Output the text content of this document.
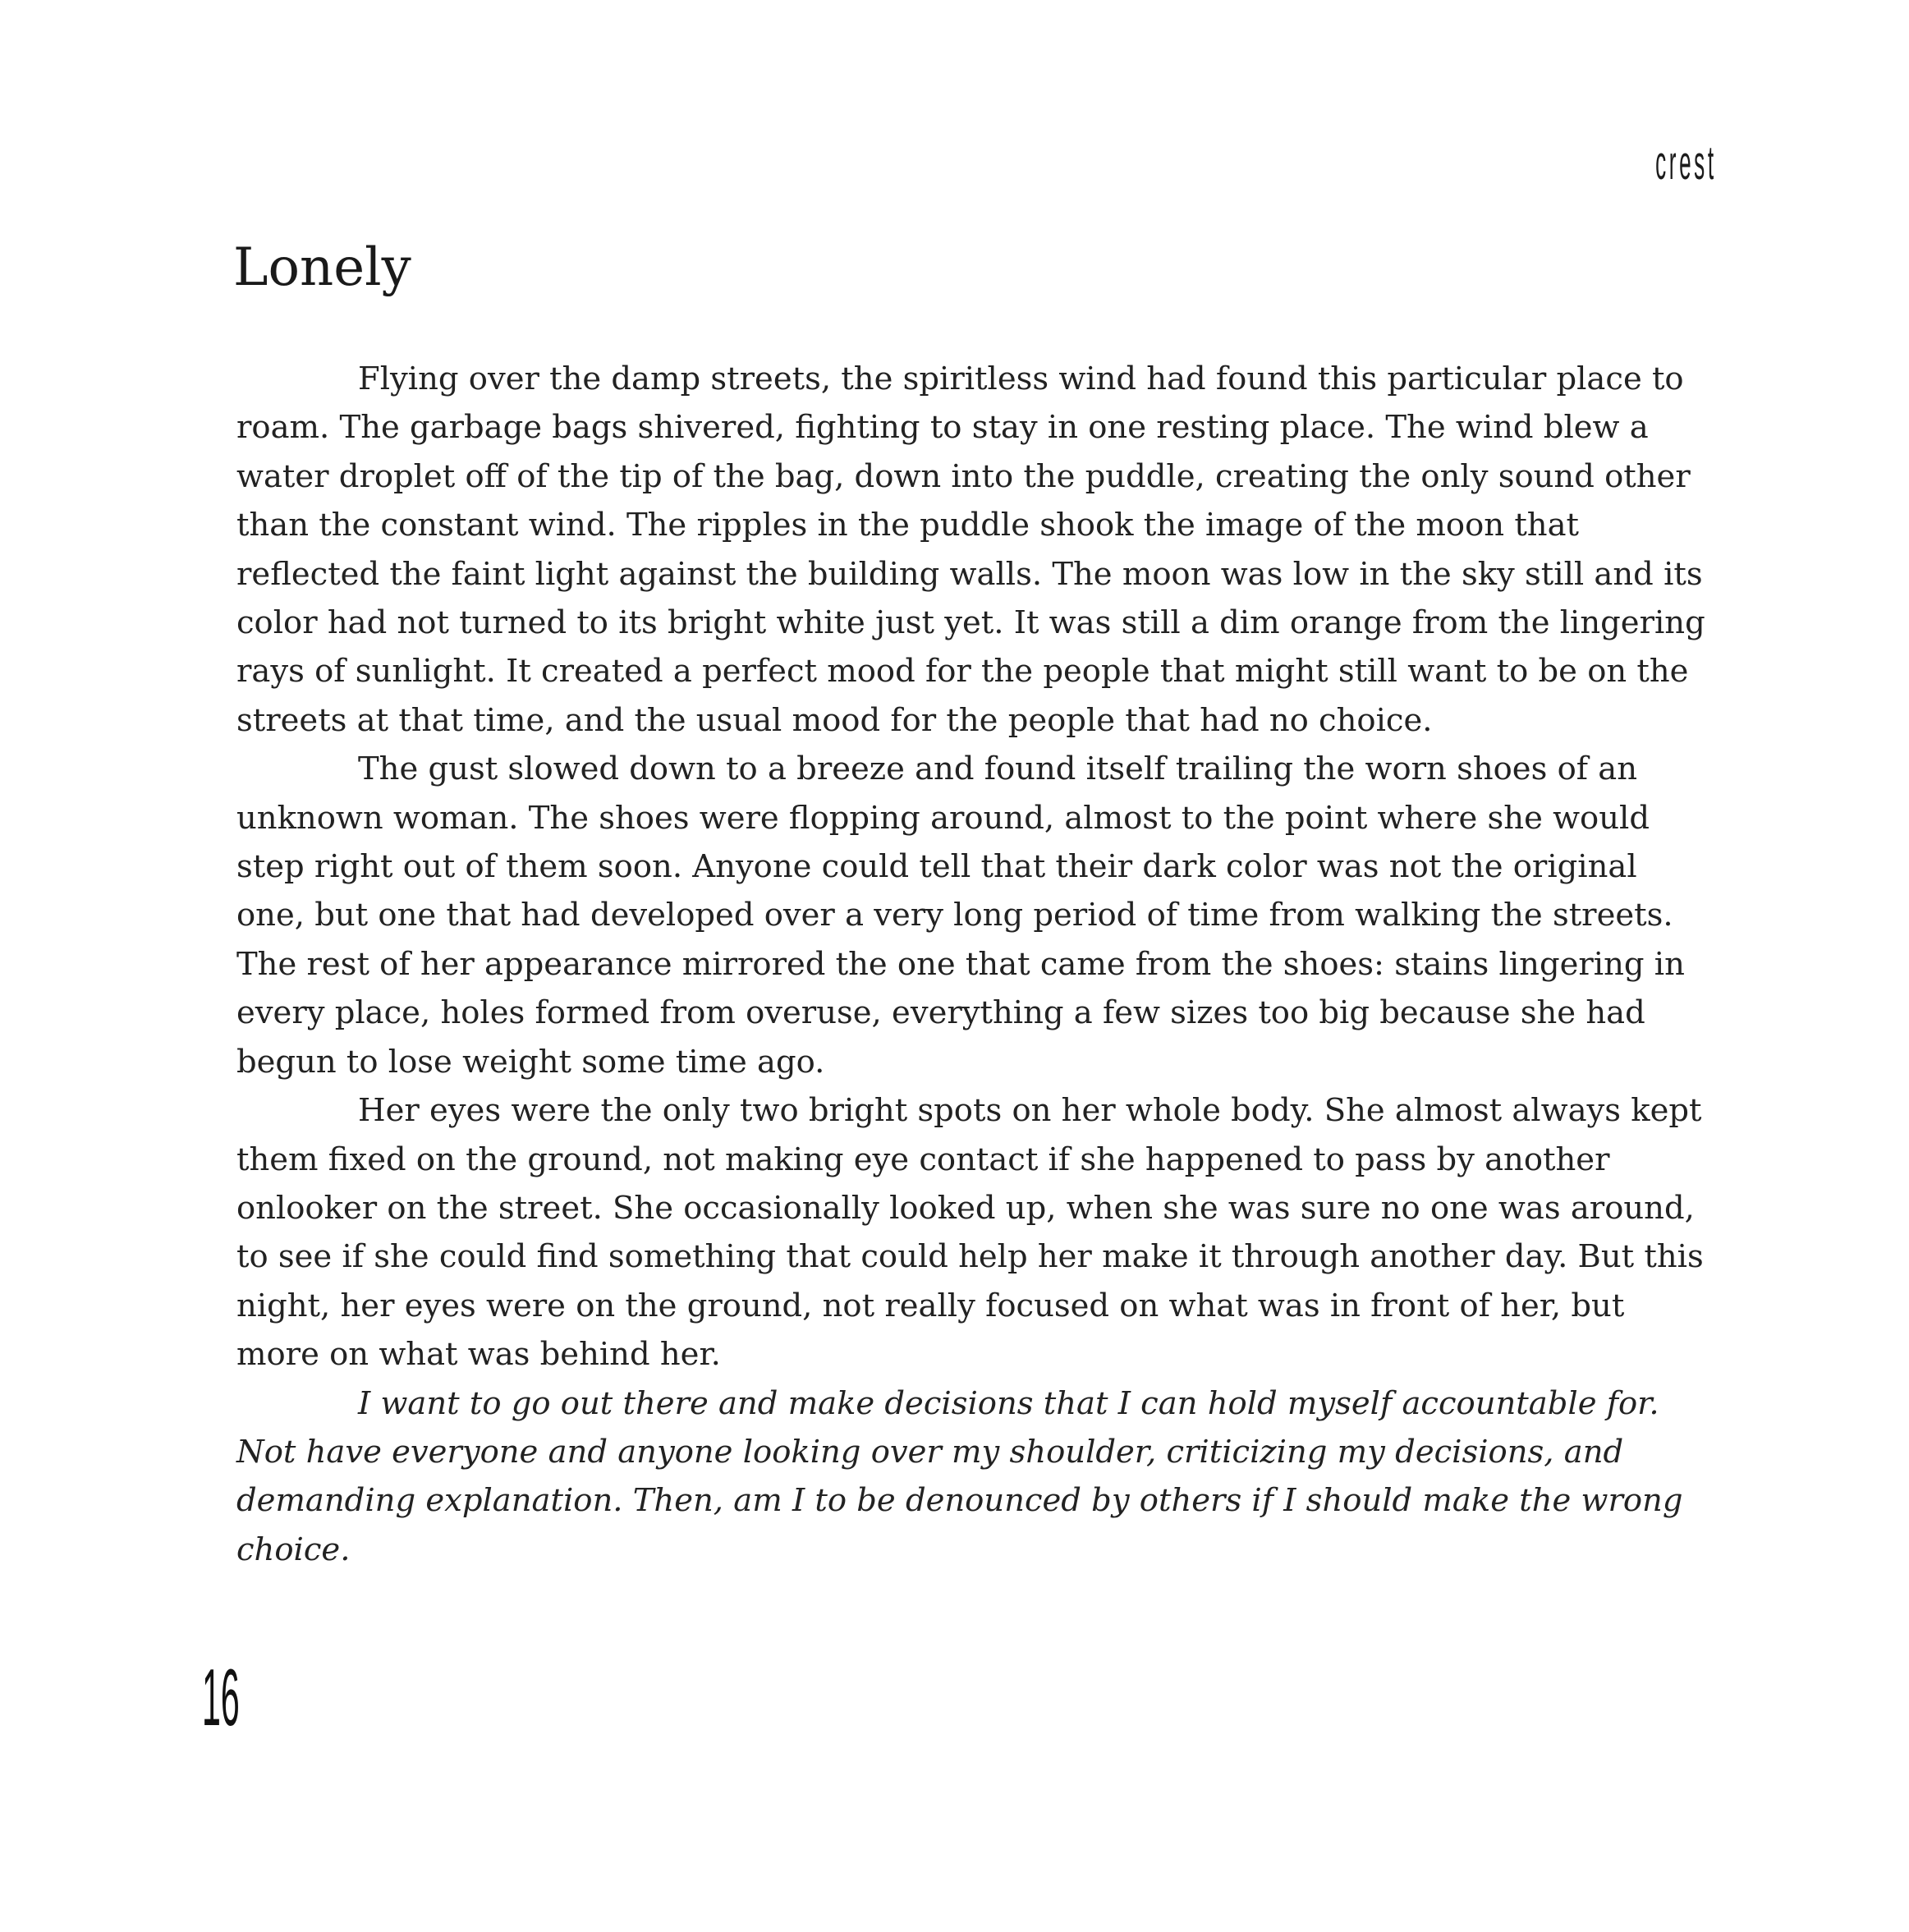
crest
Lonely

Flying over the damp streets, the spiritless wind had found this particular place to roam. The garbage bags shivered, fighting to stay in one resting place. The wind blew a water droplet off of the tip of the bag, down into the puddle, creating the only sound other than the constant wind. The ripples in the puddle shook the image of the moon that reflected the faint light against the building walls. The moon was low in the sky still and its color had not turned to its bright white just yet. It was still a dim orange from the lingering rays of sunlight. It created a perfect mood for the people that might still want to be on the streets at that time, and the usual mood for the people that had no choice.

The gust slowed down to a breeze and found itself trailing the worn shoes of an unknown woman. The shoes were flopping around, almost to the point where she would step right out of them soon. Anyone could tell that their dark color was not the original one, but one that had developed over a very long period of time from walking the streets. The rest of her appearance mirrored the one that came from the shoes: stains lingering in every place, holes formed from overuse, everything a few sizes too big because she had begun to lose weight some time ago.

Her eyes were the only two bright spots on her whole body. She almost always kept them fixed on the ground, not making eye contact if she happened to pass by another onlooker on the street. She occasionally looked up, when she was sure no one was around, to see if she could find something that could help her make it through another day. But this night, her eyes were on the ground, not really focused on what was in front of her, but more on what was behind her.

I want to go out there and make decisions that I can hold myself accountable for. Not have everyone and anyone looking over my shoulder, criticizing my decisions, and demanding explanation. Then, am I to be denounced by others if I should make the wrong choice.

16
